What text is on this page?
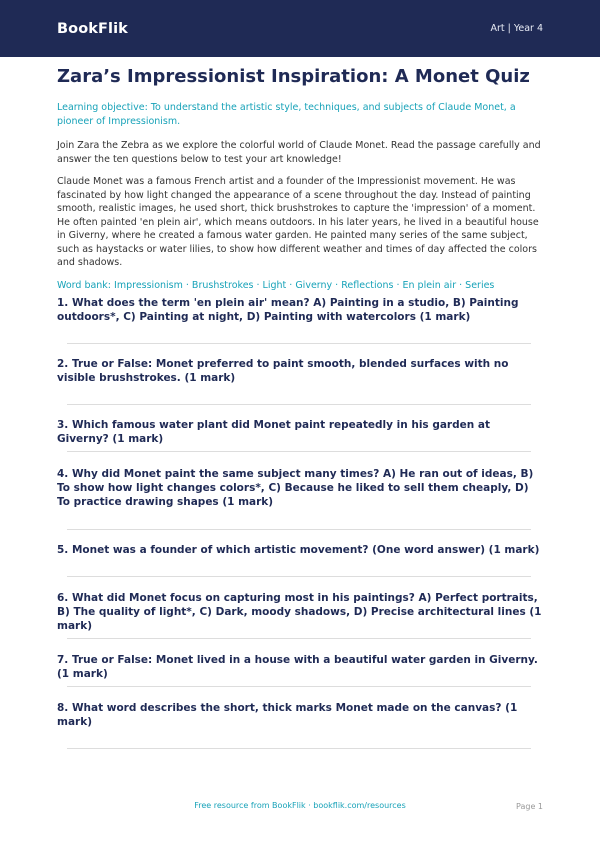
BookFlik	Art | Year 4
Zara’s Impressionist Inspiration: A Monet Quiz
Learning objective: To understand the artistic style, techniques, and subjects of Claude Monet, a pioneer of Impressionism.
Join Zara the Zebra as we explore the colorful world of Claude Monet. Read the passage carefully and answer the ten questions below to test your art knowledge!
Claude Monet was a famous French artist and a founder of the Impressionist movement. He was fascinated by how light changed the appearance of a scene throughout the day. Instead of painting smooth, realistic images, he used short, thick brushstrokes to capture the 'impression' of a moment. He often painted 'en plein air', which means outdoors. In his later years, he lived in a beautiful house in Giverny, where he created a famous water garden. He painted many series of the same subject, such as haystacks or water lilies, to show how different weather and times of day affected the colors and shadows.
Word bank: Impressionism · Brushstrokes · Light · Giverny · Reflections · En plein air · Series

1. What does the term 'en plein air' mean? A) Painting in a studio, B) Painting outdoors*, C) Painting at night, D) Painting with watercolors (1 mark)

2. True or False: Monet preferred to paint smooth, blended surfaces with no visible brushstrokes. (1 mark)

3. Which famous water plant did Monet paint repeatedly in his garden at Giverny? (1 mark)

4. Why did Monet paint the same subject many times? A) He ran out of ideas, B) To show how light changes colors*, C) Because he liked to sell them cheaply, D) To practice drawing shapes (1 mark)

5. Monet was a founder of which artistic movement? (One word answer) (1 mark)

6. What did Monet focus on capturing most in his paintings? A) Perfect portraits, B) The quality of light*, C) Dark, moody shadows, D) Precise architectural lines (1 mark)

7. True or False: Monet lived in a house with a beautiful water garden in Giverny. (1 mark)

8. What word describes the short, thick marks Monet made on the canvas? (1 mark)

Free resource from BookFlik · bookflik.com/resources	Page 1
